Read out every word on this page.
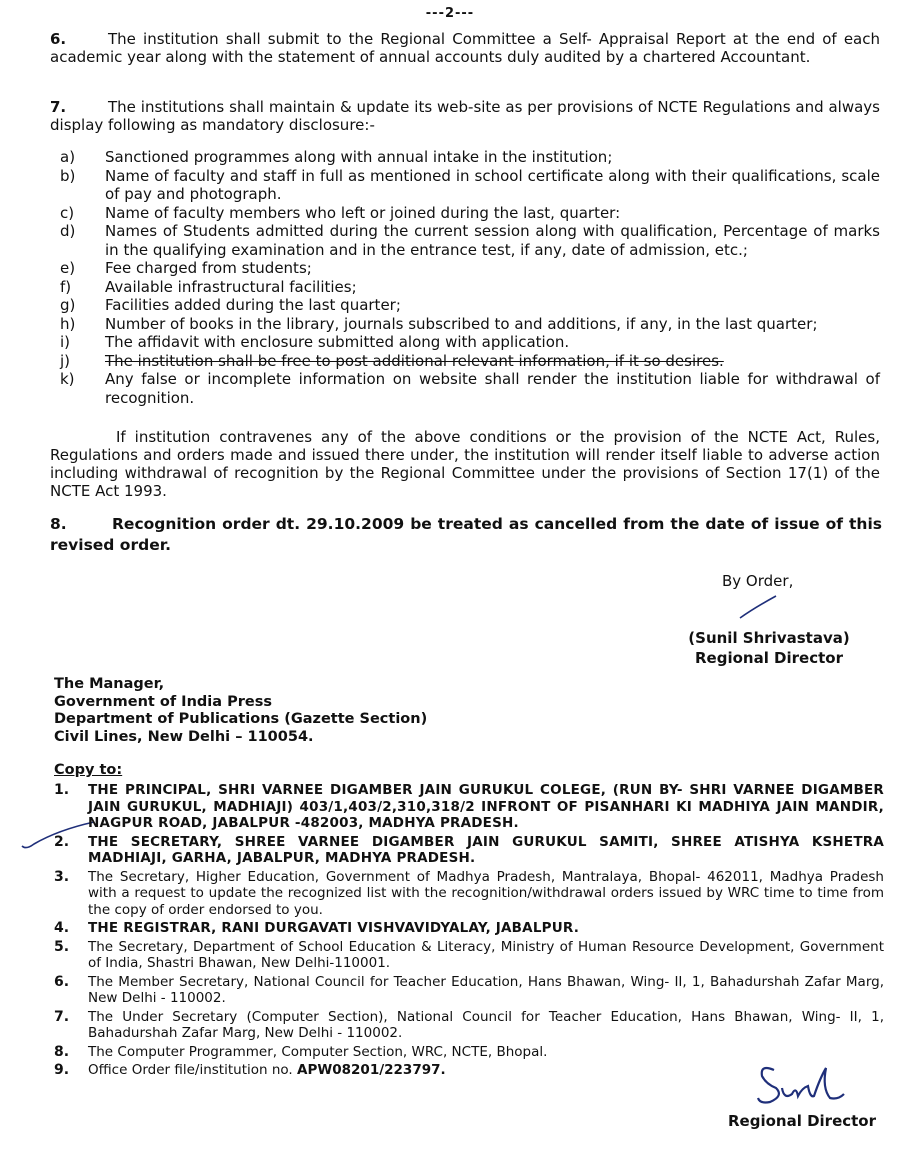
---2---
6.	The institution shall submit to the Regional Committee a Self- Appraisal Report at the end of each academic year along with the statement of annual accounts duly audited by a chartered Accountant.
7.	The institutions shall maintain & update its web-site as per provisions of NCTE Regulations and always display following as mandatory disclosure:-
a)	Sanctioned programmes along with annual intake in the institution;
b)	Name of faculty and staff in full as mentioned in school certificate along with their qualifications, scale of pay and photograph.
c)	Name of faculty members who left or joined during the last, quarter:
d)	Names of Students admitted during the current session along with qualification, Percentage of marks in the qualifying examination and in the entrance test, if any, date of admission, etc.;
e)	Fee charged from students;
f)	Available infrastructural facilities;
g)	Facilities added during the last quarter;
h)	Number of books in the library, journals subscribed to and additions, if any, in the last quarter;
i)	The affidavit with enclosure submitted along with application.
j)	The institution shall be free to post additional relevant information, if it so desires.
k)	Any false or incomplete information on website shall render the institution liable for withdrawal of recognition.
If institution contravenes any of the above conditions or the provision of the NCTE Act, Rules, Regulations and orders made and issued there under, the institution will render itself liable to adverse action including withdrawal of recognition by the Regional Committee under the provisions of Section 17(1) of the NCTE Act 1993.
8.	Recognition order dt. 29.10.2009 be treated as cancelled from the date of issue of this revised order.
By Order,
(Sunil Shrivastava)
Regional Director
The Manager,
Government of India Press
Department of Publications (Gazette Section)
Civil Lines, New Delhi – 110054.
Copy to:
1.	THE PRINCIPAL, SHRI VARNEE DIGAMBER JAIN GURUKUL COLEGE, (RUN BY- SHRI VARNEE DIGAMBER JAIN GURUKUL, MADHIAJI) 403/1,403/2,310,318/2 INFRONT OF PISANHARI KI MADHIYA JAIN MANDIR, NAGPUR ROAD, JABALPUR -482003, MADHYA PRADESH.
2.	THE SECRETARY, SHREE VARNEE DIGAMBER JAIN GURUKUL SAMITI, SHREE ATISHYA KSHETRA MADHIAJI, GARHA, JABALPUR, MADHYA PRADESH.
3.	The Secretary, Higher Education, Government of Madhya Pradesh, Mantralaya, Bhopal- 462011, Madhya Pradesh with a request to update the recognized list with the recognition/withdrawal orders issued by WRC time to time from the copy of order endorsed to you.
4.	THE REGISTRAR, RANI DURGAVATI VISHVAVIDYALAY, JABALPUR.
5.	The Secretary, Department of School Education & Literacy, Ministry of Human Resource Development, Government of India, Shastri Bhawan, New Delhi-110001.
6.	The Member Secretary, National Council for Teacher Education, Hans Bhawan, Wing- II, 1, Bahadurshah Zafar Marg, New Delhi - 110002.
7.	The Under Secretary (Computer Section), National Council for Teacher Education, Hans Bhawan, Wing- II, 1, Bahadurshah Zafar Marg, New Delhi - 110002.
8.	The Computer Programmer, Computer Section, WRC, NCTE, Bhopal.
9.	Office Order file/institution no. APW08201/223797.
Regional Director
